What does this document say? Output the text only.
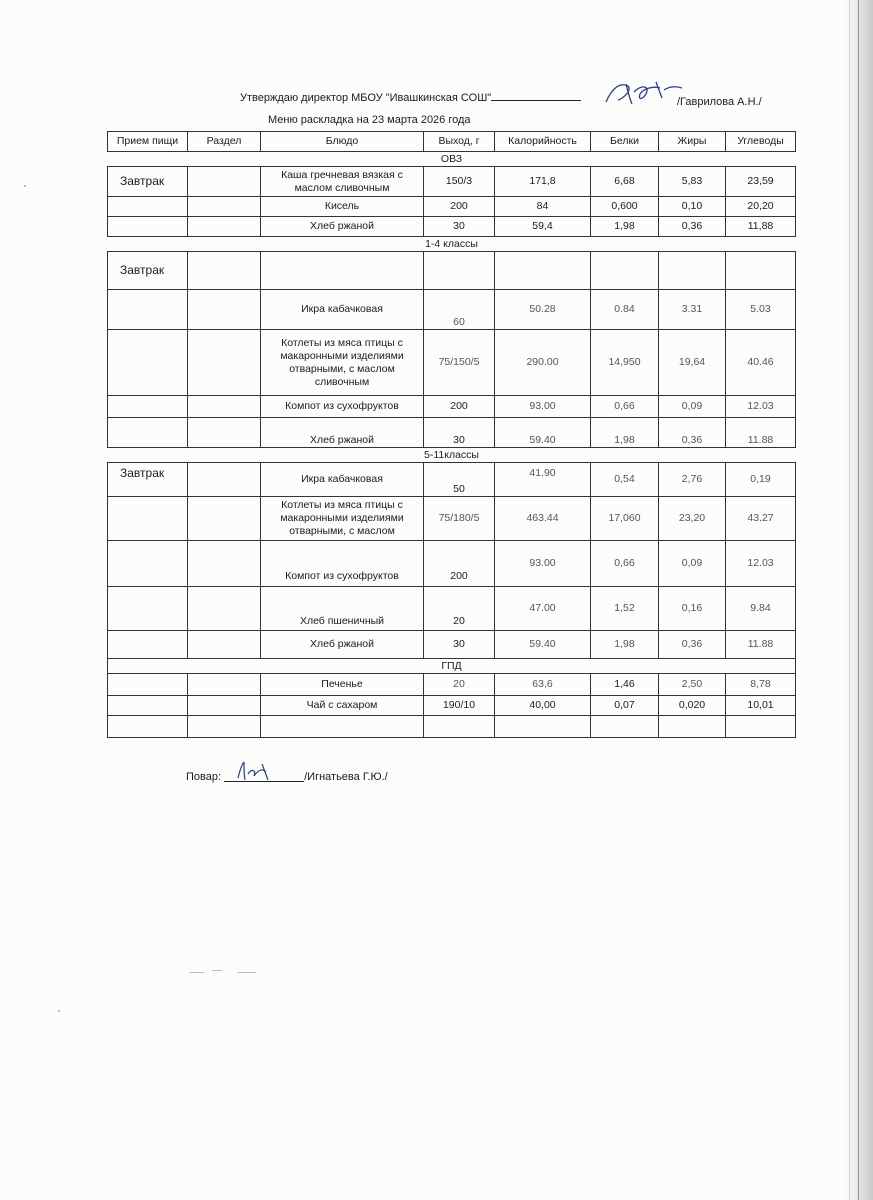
Утверждаю директор МБОУ "Ивашкинская СОШ"	/Гаврилова А.Н./
Меню раскладка на 23 марта 2026 года
Прием пищи	Раздел	Блюдо	Выход, г	Калорийность	Белки	Жиры	Углеводы
ОВЗ							
Завтрак		Каша гречневая вязкая с маслом сливочным	150/3	171,8	6,68	5,83	23,59
		Кисель	200	84	0,600	0,10	20,20
		Хлеб ржаной	30	59,4	1,98	0,36	11,88
1-4 классы							
Завтрак							
		Икра кабачковая	60	50.28	0.84	3.31	5.03
		Котлеты из мяса птицы с макаронными изделиями отварными, с маслом сливочным	75/150/5	290.00	14,950	19,64	40.46
		Компот из сухофруктов	200	93.00	0,66	0,09	12.03
		Хлеб ржаной	30	59.40	1,98	0,36	11.88
5-11классы							
Завтрак		Икра кабачковая	50	41.90	0,54	2,76	0,19
		Котлеты из мяса птицы с макаронными изделиями отварными, с маслом	75/180/5	463.44	17,060	23,20	43.27
		Компот из сухофруктов	200	93.00	0,66	0,09	12.03
		Хлеб пшеничный	20	47.00	1,52	0,16	9.84
		Хлеб ржаной	30	59.40	1,98	0,36	11.88
ГПД							
		Печенье	20	63,6	1,46	2,50	8,78
		Чай с сахаром	190/10	40,00	0,07	0,020	10,01

Повар:	/Игнатьева Г.Ю./
